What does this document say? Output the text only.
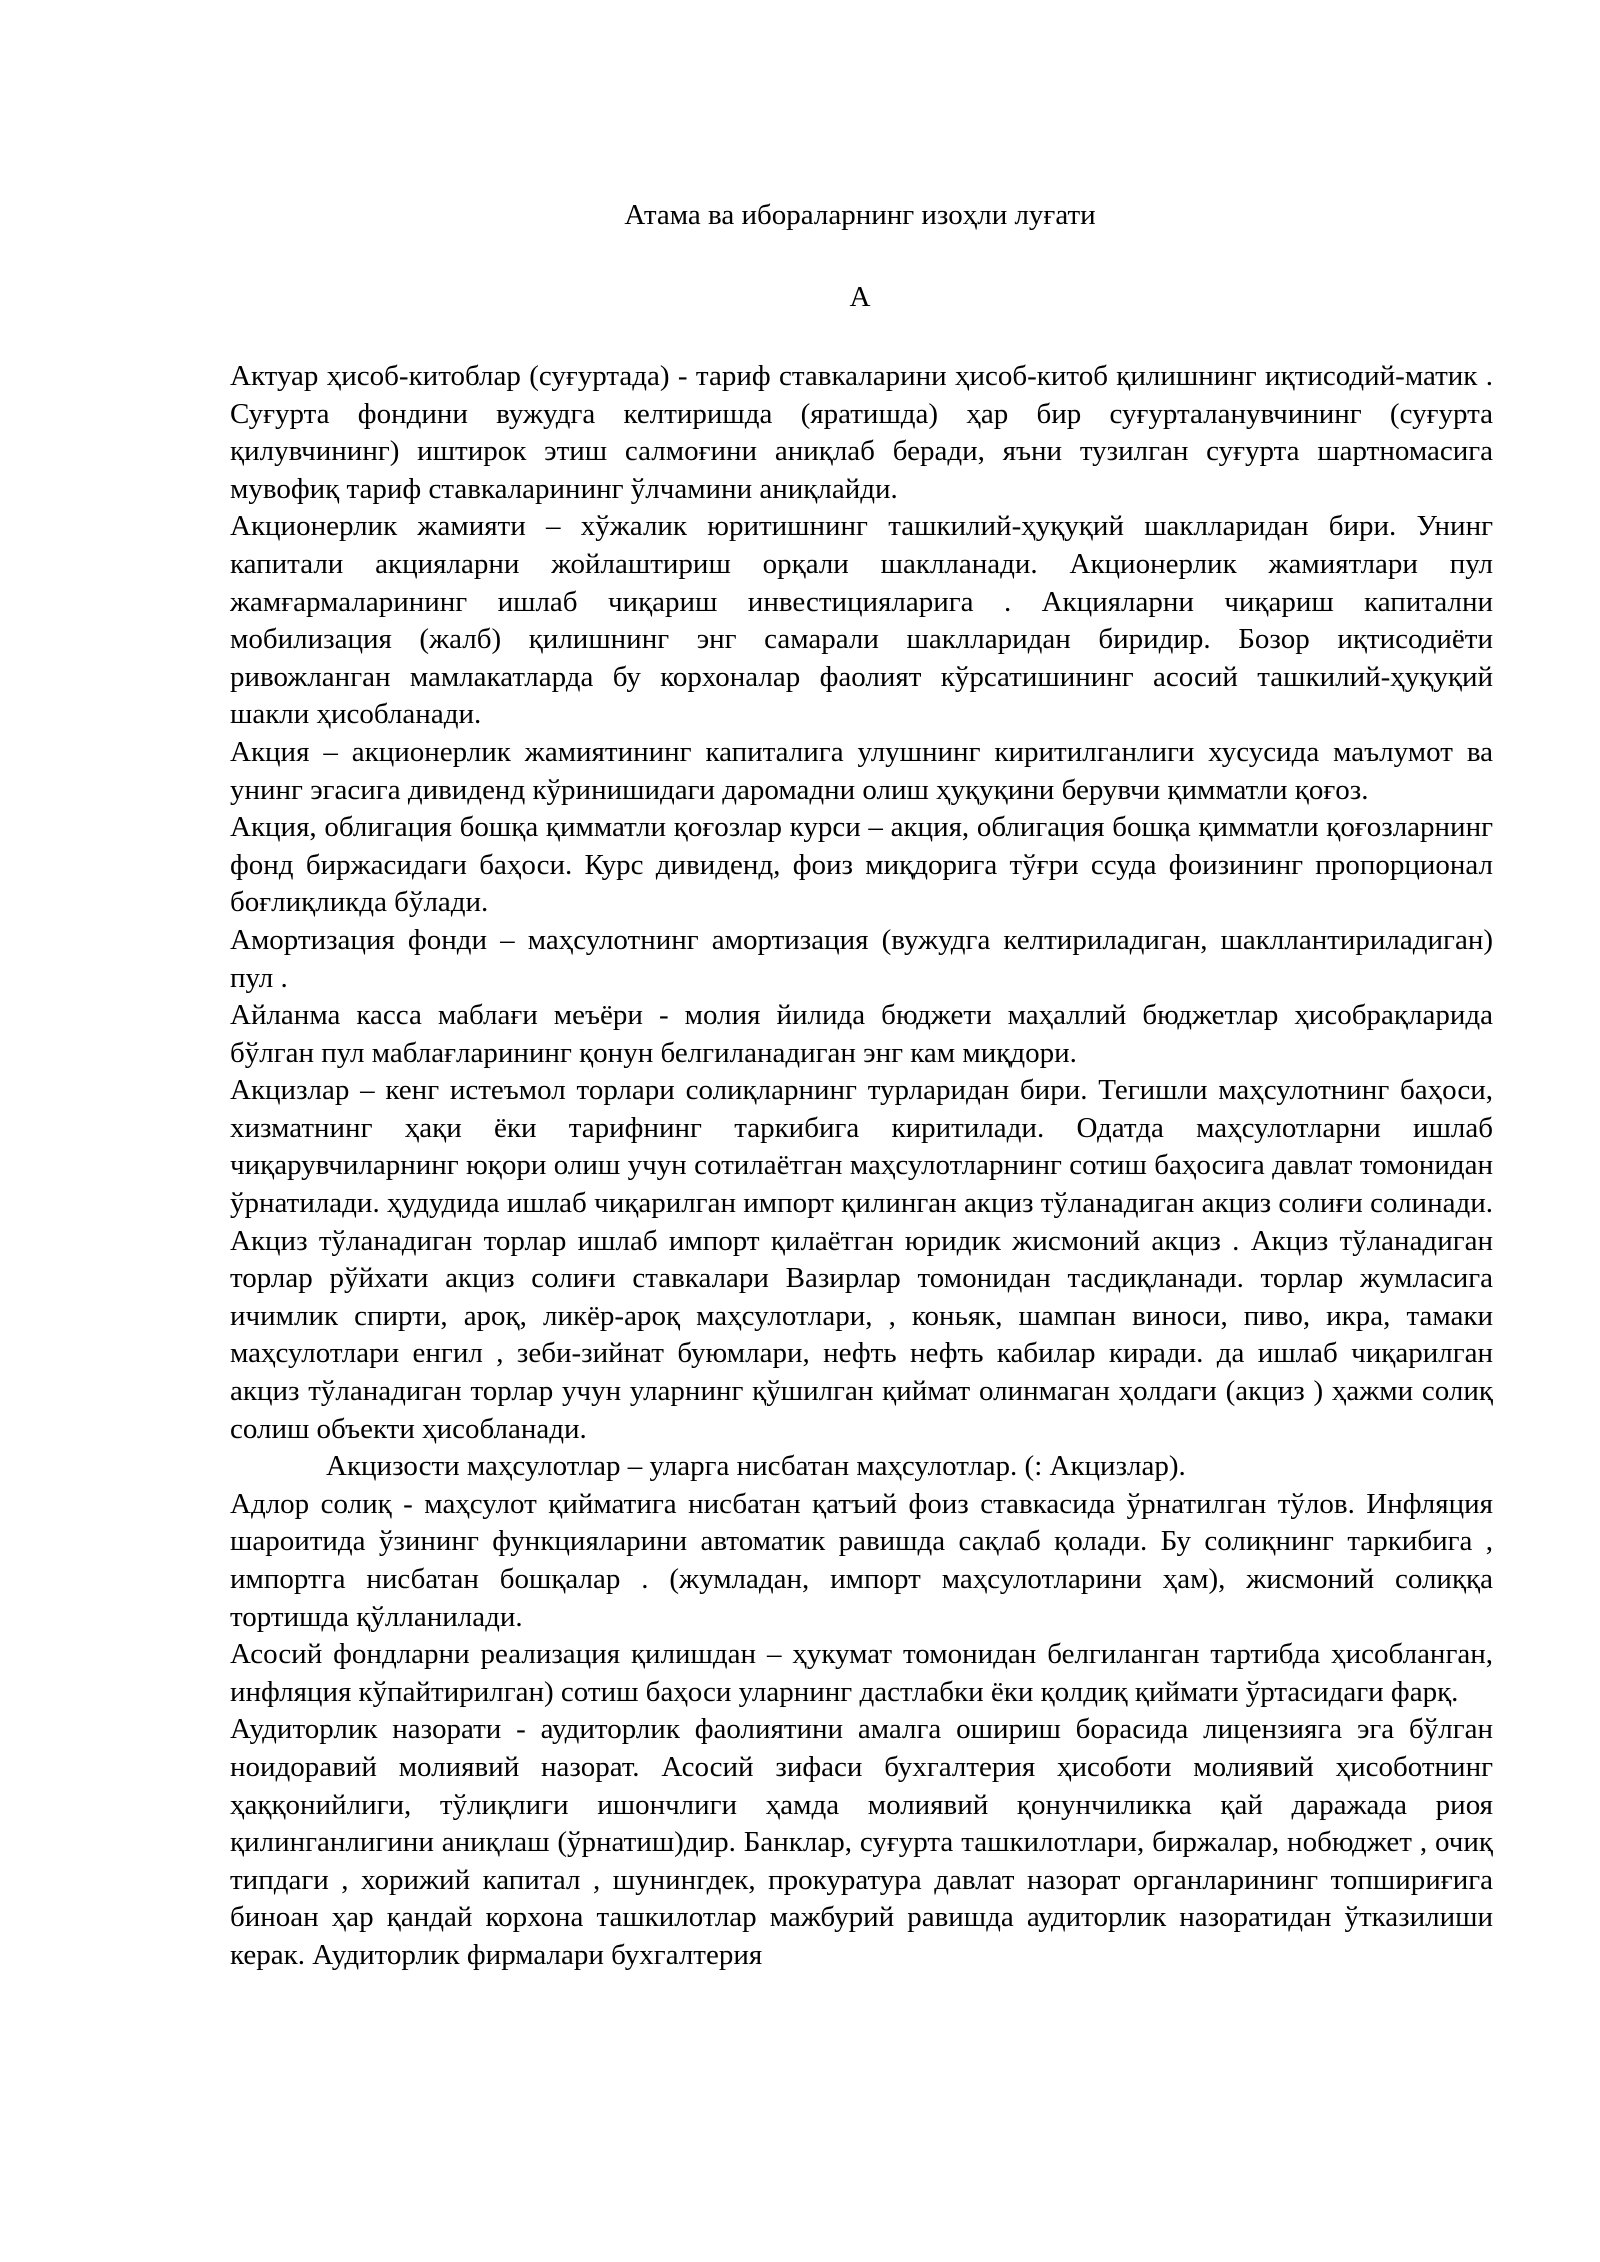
Атама ва ибораларнинг изоҳли луғати
А

Актуар ҳисоб-китоблар (суғуртада) - тариф ставкаларини ҳисоб-китоб қилишнинг иқтисодий-матик . Суғурта фондини вужудга келтиришда (яратишда) ҳар бир суғурталанувчининг (суғурта қилувчининг) иштирок этиш салмоғини аниқлаб беради, яъни тузилган суғурта шартномасига мувофиқ тариф ставкаларининг ўлчамини аниқлайди.

Акционерлик жамияти – хўжалик юритишнинг ташкилий-ҳуқуқий шаклларидан бири. Унинг капитали акцияларни жойлаштириш орқали шаклланади. Акционерлик жамиятлари пул жамғармаларининг ишлаб чиқариш инвестицияларига . Акцияларни чиқариш капитални мобилизация (жалб) қилишнинг энг самарали шаклларидан биридир. Бозор иқтисодиёти ривожланган мамлакатларда бу корхоналар фаолият кўрсатишининг асосий ташкилий-ҳуқуқий шакли ҳисобланади.

Акция – акционерлик жамиятининг капиталига улушнинг киритилганлиги хусусида маълумот ва унинг эгасига дивиденд кўринишидаги даромадни олиш ҳуқуқини берувчи қимматли қоғоз.

Акция, облигация бошқа қимматли қоғозлар курси – акция, облигация бошқа қимматли қоғозларнинг фонд биржасидаги баҳоси. Курс дивиденд, фоиз миқдорига тўғри ссуда фоизининг пропорционал боғлиқликда бўлади.

Амортизация фонди – маҳсулотнинг амортизация (вужудга келтириладиган, шакллантириладиган) пул .

Айланма касса маблағи меъёри - молия йилида бюджети маҳаллий бюджетлар ҳисобрақларида бўлган пул маблағларининг қонун белгиланадиган энг кам миқдори.

Акцизлар – кенг истеъмол торлари солиқларнинг турларидан бири. Тегишли маҳсулотнинг баҳоси, хизматнинг ҳақи ёки тарифнинг таркибига киритилади. Одатда маҳсулотларни ишлаб чиқарувчиларнинг юқори олиш учун сотилаётган маҳсулотларнинг сотиш баҳосига давлат томонидан ўрнатилади. ҳудудида ишлаб чиқарилган импорт қилинган акциз тўланадиган акциз солиғи солинади. Акциз тўланадиган торлар ишлаб импорт қилаётган юридик жисмоний акциз . Акциз тўланадиган торлар рўйхати акциз солиғи ставкалари Вазирлар томонидан тасдиқланади. торлар жумласига ичимлик спирти, ароқ, ликёр-ароқ маҳсулотлари, , коньяк, шампан виноси, пиво, икра, тамаки маҳсулотлари енгил , зеби-зийнат буюмлари, нефть нефть кабилар киради. да ишлаб чиқарилган акциз тўланадиган торлар учун уларнинг қўшилган қиймат олинмаган ҳолдаги (акциз ) ҳажми солиқ солиш объекти ҳисобланади.

Акцизости маҳсулотлар – уларга нисбатан маҳсулотлар. (: Акцизлар).

Адлор солиқ - маҳсулот қийматига нисбатан қатъий фоиз ставкасида ўрнатилган тўлов. Инфляция шароитида ўзининг функцияларини автоматик равишда сақлаб қолади. Бу солиқнинг таркибига , импортга нисбатан бошқалар . (жумладан, импорт маҳсулотларини ҳам), жисмоний солиққа тортишда қўлланилади.

Асосий фондларни реализация қилишдан – ҳукумат томонидан белгиланган тартибда ҳисобланган, инфляция кўпайтирилган) сотиш баҳоси уларнинг дастлабки ёки қолдиқ қиймати ўртасидаги фарқ.

Аудиторлик назорати - аудиторлик фаолиятини амалга ошириш борасида лицензияга эга бўлган ноидоравий молиявий назорат. Асосий зифаси бухгалтерия ҳисоботи молиявий ҳисоботнинг ҳаққонийлиги, тўлиқлиги ишончлиги ҳамда молиявий қонунчиликка қай даражада риоя қилинганлигини аниқлаш (ўрнатиш)дир. Банклар, суғурта ташкилотлари, биржалар, нобюджет , очиқ типдаги , хорижий капитал , шунингдек, прокуратура давлат назорат органларининг топшириғига биноан ҳар қандай корхона ташкилотлар мажбурий равишда аудиторлик назоратидан ўтказилиши керак. Аудиторлик фирмалари бухгалтерия
